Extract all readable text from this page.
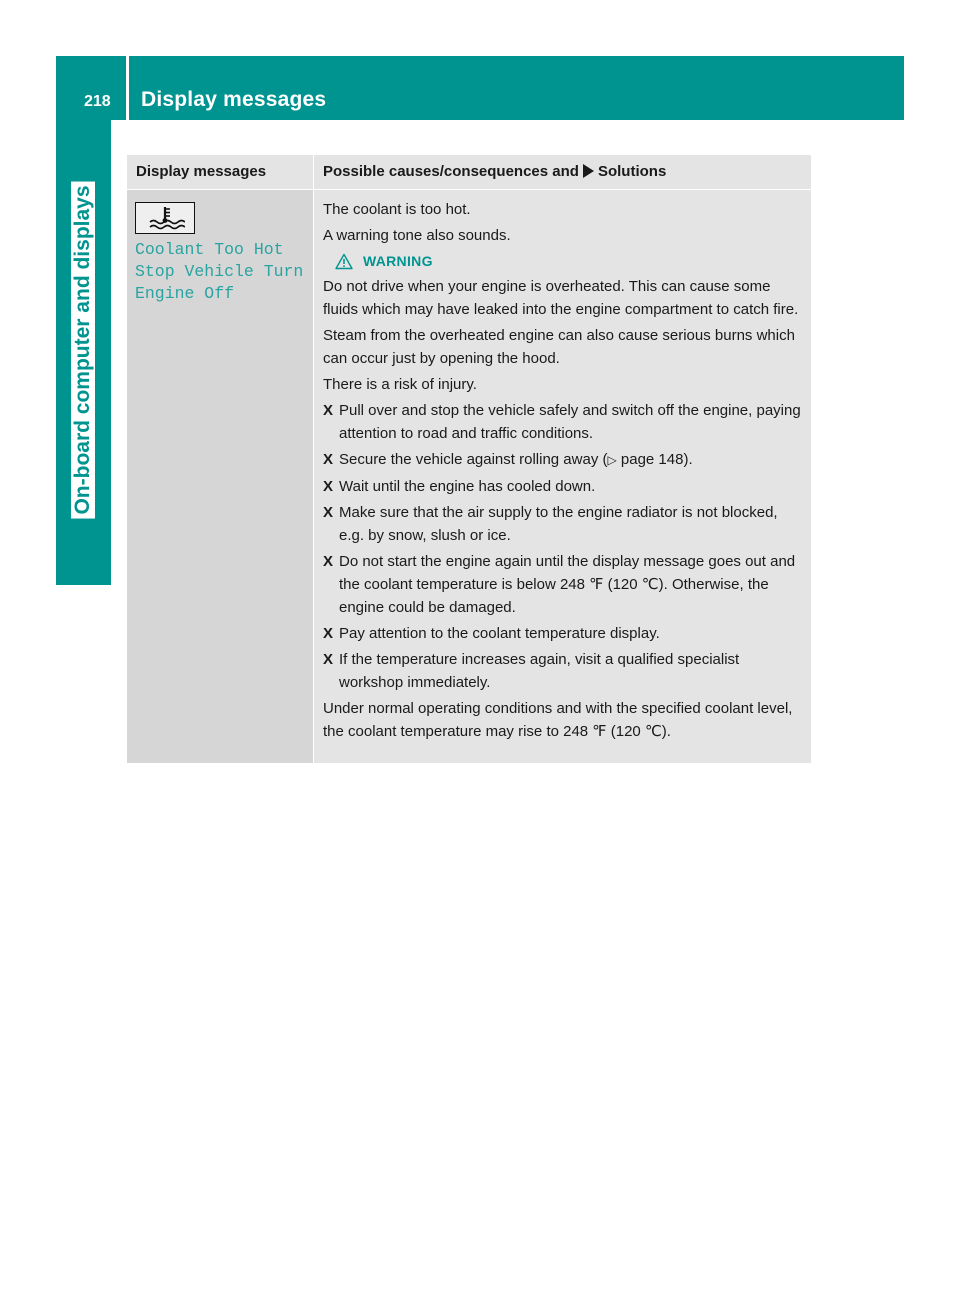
218 Display messages
On-board computer and displays
Display messages	Possible causes/consequences and Solutions
Coolant Too Hot
Stop Vehicle Turn
Engine Off

The coolant is too hot.

A warning tone also sounds.

WARNING

Do not drive when your engine is overheated. This can cause some fluids which may have leaked into the engine compartment to catch fire.

Steam from the overheated engine can also cause serious burns which can occur just by opening the hood.

There is a risk of injury.

X Pull over and stop the vehicle safely and switch off the engine, paying attention to road and traffic conditions.
X Secure the vehicle against rolling away (▷ page 148).
X Wait until the engine has cooled down.
X Make sure that the air supply to the engine radiator is not blocked, e.g. by snow, slush or ice.
X Do not start the engine again until the display message goes out and the coolant temperature is below 248 ℉ (120 ℃). Otherwise, the engine could be damaged.
X Pay attention to the coolant temperature display.
X If the temperature increases again, visit a qualified specialist workshop immediately.

Under normal operating conditions and with the specified coolant level, the coolant temperature may rise to 248 ℉ (120 ℃).
